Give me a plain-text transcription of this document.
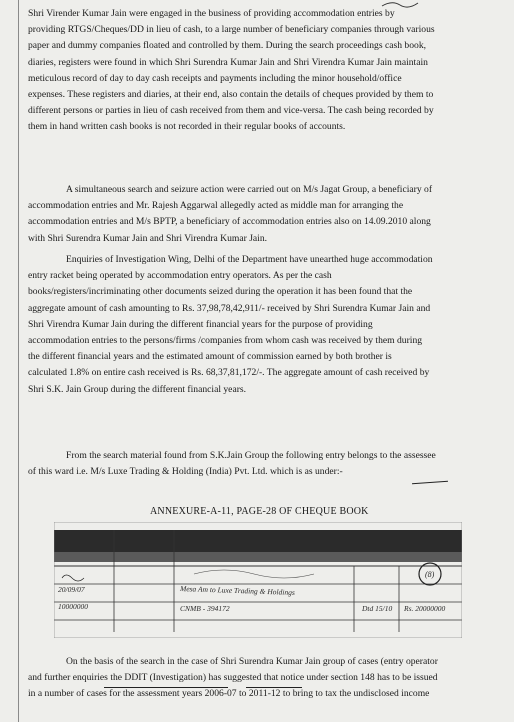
Shri Virender Kumar Jain were engaged in the business of providing accommodation entries by
providing RTGS/Cheques/DD in lieu of cash, to a large number of beneficiary companies through various
paper and dummy companies floated and controlled by them. During the search proceedings cash book,
diaries, registers were found in which Shri Surendra Kumar Jain and Shri Virendra Kumar Jain maintain
meticulous record of day to day cash receipts and payments including the minor household/office
expenses. These registers and diaries, at their end, also contain the details of cheques provided by them to
different persons or parties in lieu of cash received from them and vice-versa. The cash being recorded by
them in hand written cash books is not recorded in their regular books of accounts.

A simultaneous search and seizure action were carried out on M/s Jagat Group, a beneficiary of
accommodation entries and Mr. Rajesh Aggarwal allegedly acted as middle man for arranging the
accommodation entries and M/s BPTP, a beneficiary of accommodation entries also on 14.09.2010 along
with Shri Surendra Kumar Jain and Shri Virendra Kumar Jain.

Enquiries of Investigation Wing, Delhi of the Department have unearthed huge accommodation
entry racket being operated by accommodation entry operators. As per the cash
books/registers/incriminating other documents seized during the operation it has been found that the
aggregate amount of cash amounting to Rs. 37,98,78,42,911/- received by Shri Surendra Kumar Jain and
Shri Virendra Kumar Jain during the different financial years for the purpose of providing
accommodation entries to the persons/firms /companies from whom cash was received by them during
the different financial years and the estimated amount of commission earned by both brother is
calculated 1.8% on entire cash received is Rs. 68,37,81,172/-. The aggregate amount of cash received by
Shri S.K. Jain Group during the different financial years.

From the search material found from S.K.Jain Group the following entry belongs to the assessee
of this ward i.e. M/s Luxe Trading & Holding (India) Pvt. Ltd. which is as under:-

ANNEXURE-A-11, PAGE-28 OF CHEQUE BOOK
20/09/07
10000000
Mesa Am to Luxe Trading & Holdings
CNMB - 394172	Dtd 15/10 Rs. 20000000
(8)

On the basis of the search in the case of Shri Surendra Kumar Jain group of cases (entry operator
and further enquiries the DDIT (Investigation) has suggested that notice under section 148 has to be issued
in a number of cases for the assessment years 2006-07 to 2011-12 to bring to tax the undisclosed income
